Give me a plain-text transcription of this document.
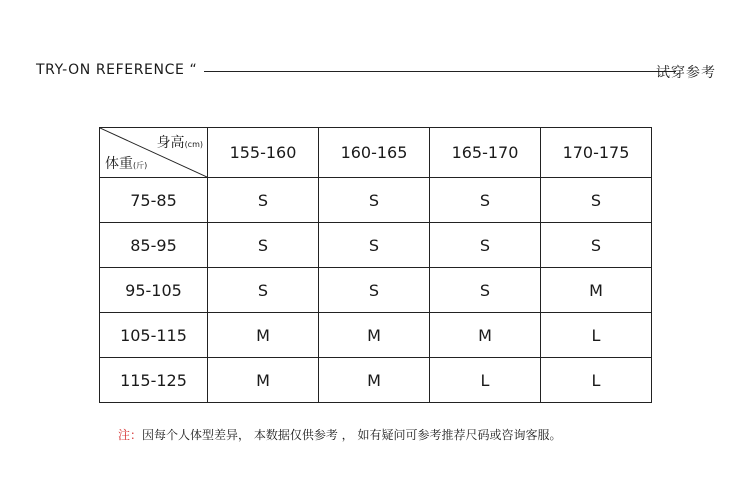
TRY-ON REFERENCE “	试穿参考
身高(cm)
体重(斤)	155-160	160-165	165-170	170-175
75-85	S	S	S	S
85-95	S	S	S	S
95-105	S	S	S	M
105-115	M	M	M	L
115-125	M	M	L	L
注：因每个人体型差异， 本数据仅供参考 ， 如有疑问可参考推荐尺码或咨询客服。
